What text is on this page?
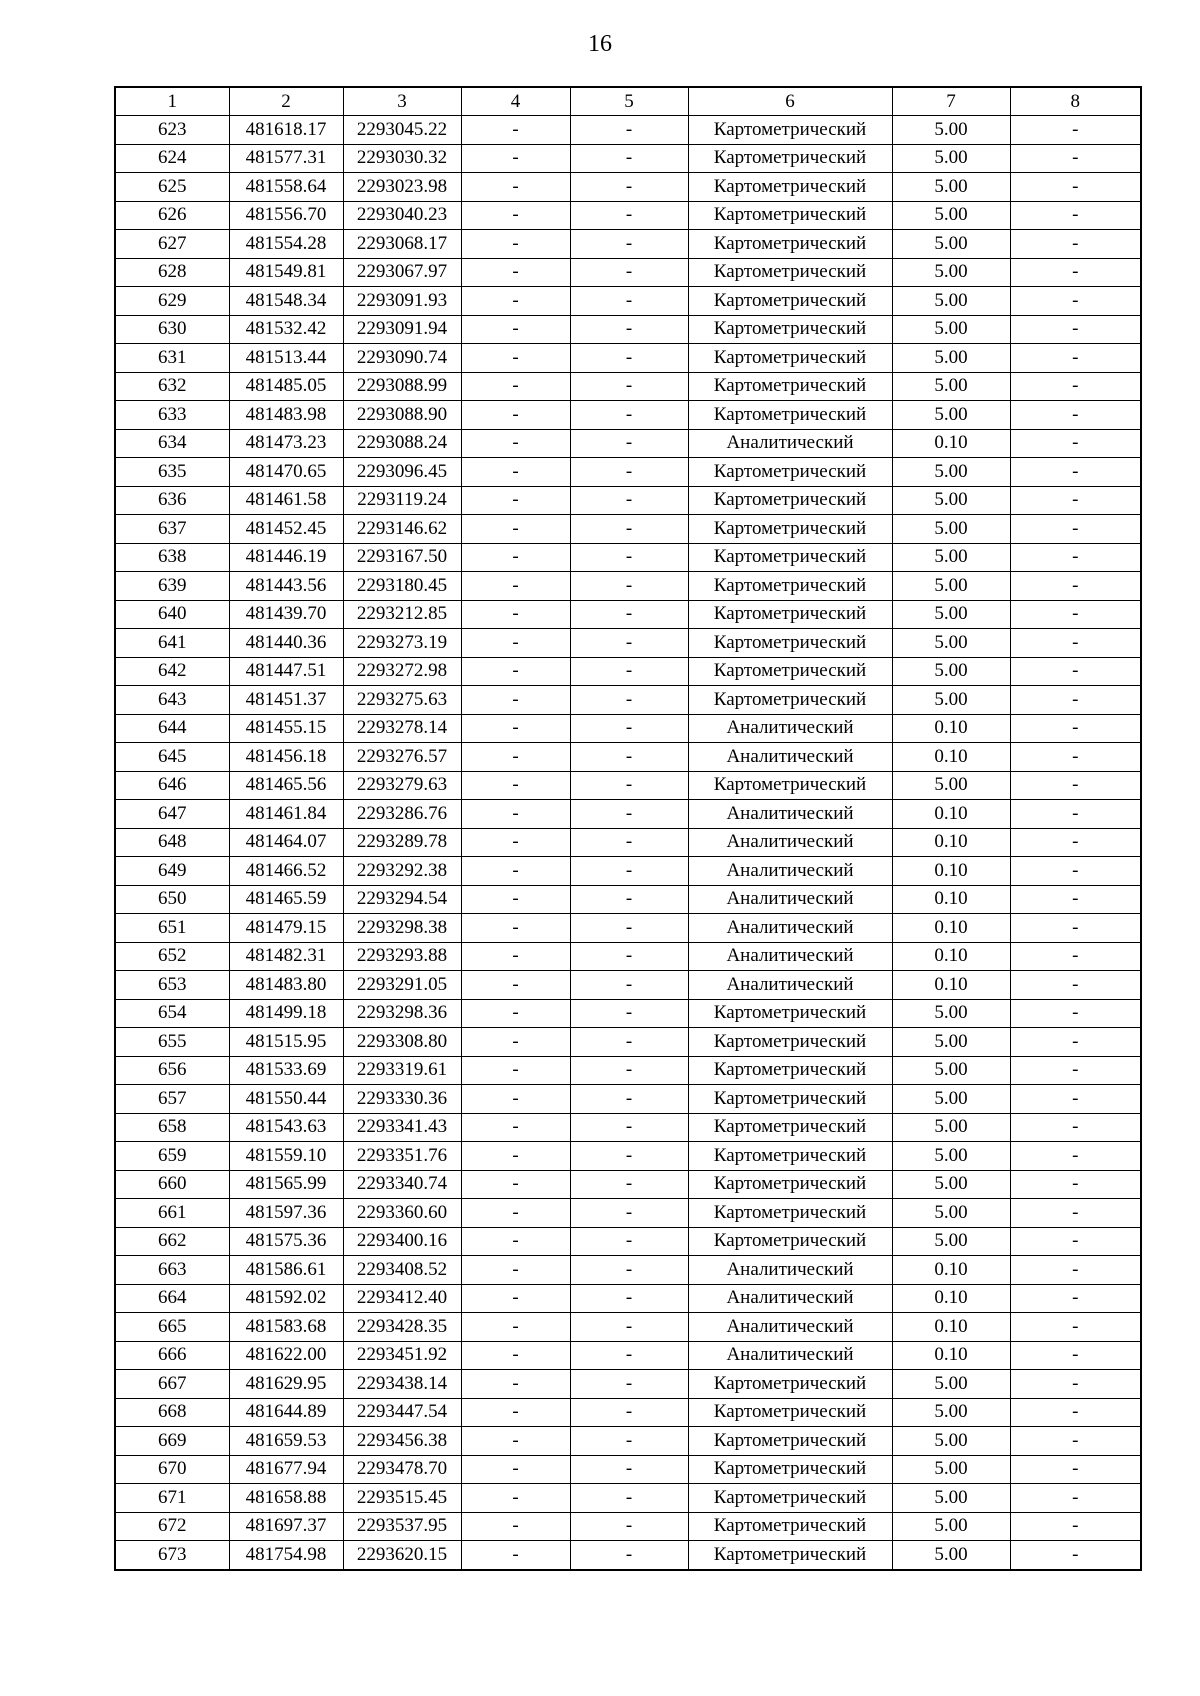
16
1	2	3	4	5	6	7	8
623	481618.17	2293045.22	-	-	Картометрический	5.00	-
624	481577.31	2293030.32	-	-	Картометрический	5.00	-
625	481558.64	2293023.98	-	-	Картометрический	5.00	-
626	481556.70	2293040.23	-	-	Картометрический	5.00	-
627	481554.28	2293068.17	-	-	Картометрический	5.00	-
628	481549.81	2293067.97	-	-	Картометрический	5.00	-
629	481548.34	2293091.93	-	-	Картометрический	5.00	-
630	481532.42	2293091.94	-	-	Картометрический	5.00	-
631	481513.44	2293090.74	-	-	Картометрический	5.00	-
632	481485.05	2293088.99	-	-	Картометрический	5.00	-
633	481483.98	2293088.90	-	-	Картометрический	5.00	-
634	481473.23	2293088.24	-	-	Аналитический	0.10	-
635	481470.65	2293096.45	-	-	Картометрический	5.00	-
636	481461.58	2293119.24	-	-	Картометрический	5.00	-
637	481452.45	2293146.62	-	-	Картометрический	5.00	-
638	481446.19	2293167.50	-	-	Картометрический	5.00	-
639	481443.56	2293180.45	-	-	Картометрический	5.00	-
640	481439.70	2293212.85	-	-	Картометрический	5.00	-
641	481440.36	2293273.19	-	-	Картометрический	5.00	-
642	481447.51	2293272.98	-	-	Картометрический	5.00	-
643	481451.37	2293275.63	-	-	Картометрический	5.00	-
644	481455.15	2293278.14	-	-	Аналитический	0.10	-
645	481456.18	2293276.57	-	-	Аналитический	0.10	-
646	481465.56	2293279.63	-	-	Картометрический	5.00	-
647	481461.84	2293286.76	-	-	Аналитический	0.10	-
648	481464.07	2293289.78	-	-	Аналитический	0.10	-
649	481466.52	2293292.38	-	-	Аналитический	0.10	-
650	481465.59	2293294.54	-	-	Аналитический	0.10	-
651	481479.15	2293298.38	-	-	Аналитический	0.10	-
652	481482.31	2293293.88	-	-	Аналитический	0.10	-
653	481483.80	2293291.05	-	-	Аналитический	0.10	-
654	481499.18	2293298.36	-	-	Картометрический	5.00	-
655	481515.95	2293308.80	-	-	Картометрический	5.00	-
656	481533.69	2293319.61	-	-	Картометрический	5.00	-
657	481550.44	2293330.36	-	-	Картометрический	5.00	-
658	481543.63	2293341.43	-	-	Картометрический	5.00	-
659	481559.10	2293351.76	-	-	Картометрический	5.00	-
660	481565.99	2293340.74	-	-	Картометрический	5.00	-
661	481597.36	2293360.60	-	-	Картометрический	5.00	-
662	481575.36	2293400.16	-	-	Картометрический	5.00	-
663	481586.61	2293408.52	-	-	Аналитический	0.10	-
664	481592.02	2293412.40	-	-	Аналитический	0.10	-
665	481583.68	2293428.35	-	-	Аналитический	0.10	-
666	481622.00	2293451.92	-	-	Аналитический	0.10	-
667	481629.95	2293438.14	-	-	Картометрический	5.00	-
668	481644.89	2293447.54	-	-	Картометрический	5.00	-
669	481659.53	2293456.38	-	-	Картометрический	5.00	-
670	481677.94	2293478.70	-	-	Картометрический	5.00	-
671	481658.88	2293515.45	-	-	Картометрический	5.00	-
672	481697.37	2293537.95	-	-	Картометрический	5.00	-
673	481754.98	2293620.15	-	-	Картометрический	5.00	-
